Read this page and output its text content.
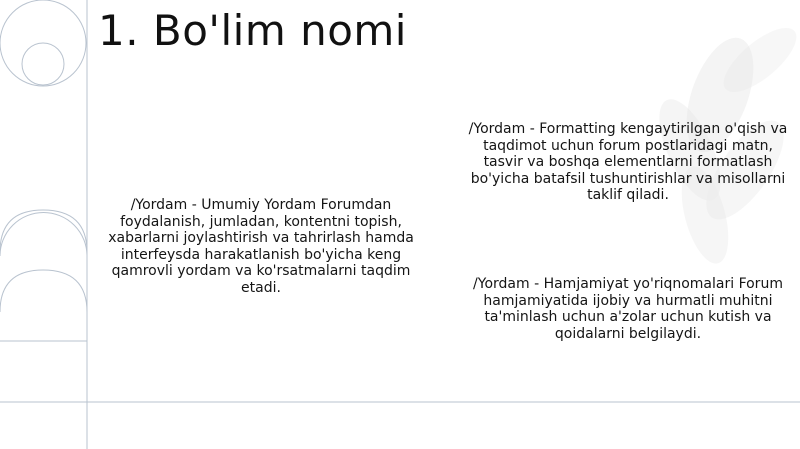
1. Bo'lim nomi
/Yordam - Umumiy Yordam Forumdan foydalanish, jumladan, kontentni topish, xabarlarni joylashtirish va tahrirlash hamda interfeysda harakatlanish bo'yicha keng qamrovli yordam va ko'rsatmalarni taqdim etadi.
/Yordam - Formatting kengaytirilgan o'qish va taqdimot uchun forum postlaridagi matn, tasvir va boshqa elementlarni formatlash bo'yicha batafsil tushuntirishlar va misollarni taklif qiladi.
/Yordam - Hamjamiyat yo'riqnomalari Forum hamjamiyatida ijobiy va hurmatli muhitni ta'minlash uchun a'zolar uchun kutish va qoidalarni belgilaydi.
